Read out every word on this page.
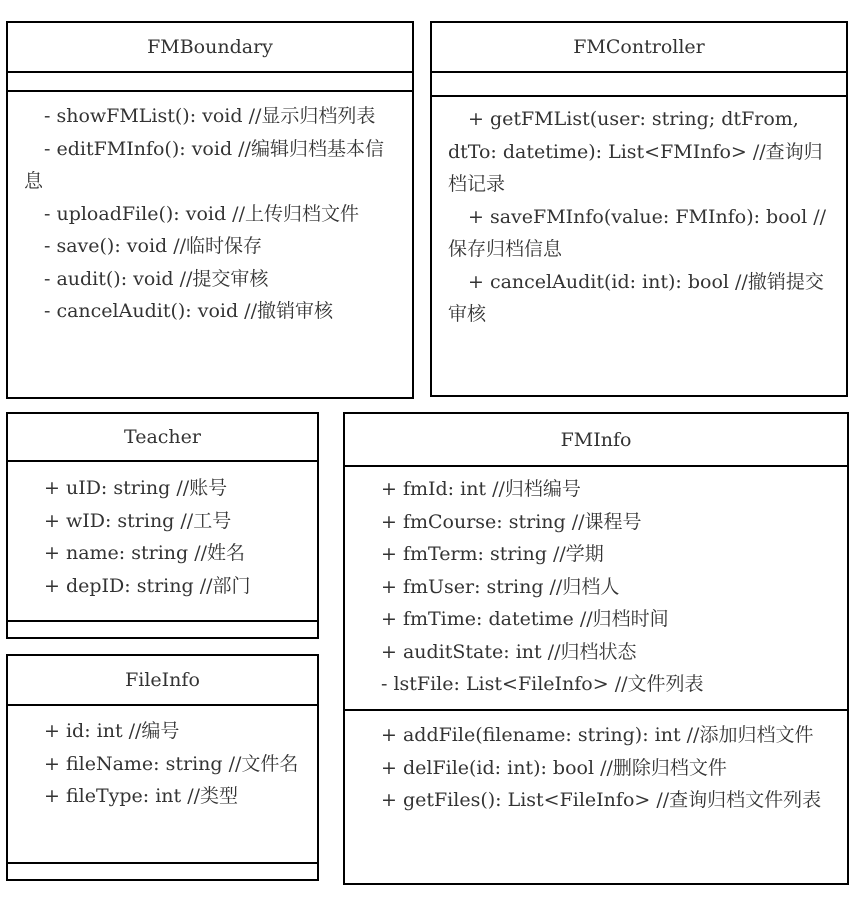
FMBoundary
- showFMList(): void //显示归档列表
- editFMInfo(): void //编辑归档基本信息
- uploadFile(): void //上传归档文件
- save(): void //临时保存
- audit(): void //提交审核
- cancelAudit(): void //撤销审核
FMController
+ getFMList(user: string; dtFrom, dtTo: datetime): List<FMInfo> //查询归档记录
+ saveFMInfo(value: FMInfo): bool //保存归档信息
+ cancelAudit(id: int): bool //撤销提交审核
Teacher
+ uID: string //账号
+ wID: string //工号
+ name: string //姓名
+ depID: string //部门
FileInfo
+ id: int //编号
+ fileName: string //文件名
+ fileType: int //类型
FMInfo
+ fmId: int //归档编号
+ fmCourse: string //课程号
+ fmTerm: string //学期
+ fmUser: string //归档人
+ fmTime: datetime //归档时间
+ auditState: int //归档状态
- lstFile: List<FileInfo> //文件列表
+ addFile(filename: string): int //添加归档文件
+ delFile(id: int): bool //删除归档文件
+ getFiles(): List<FileInfo> //查询归档文件列表
